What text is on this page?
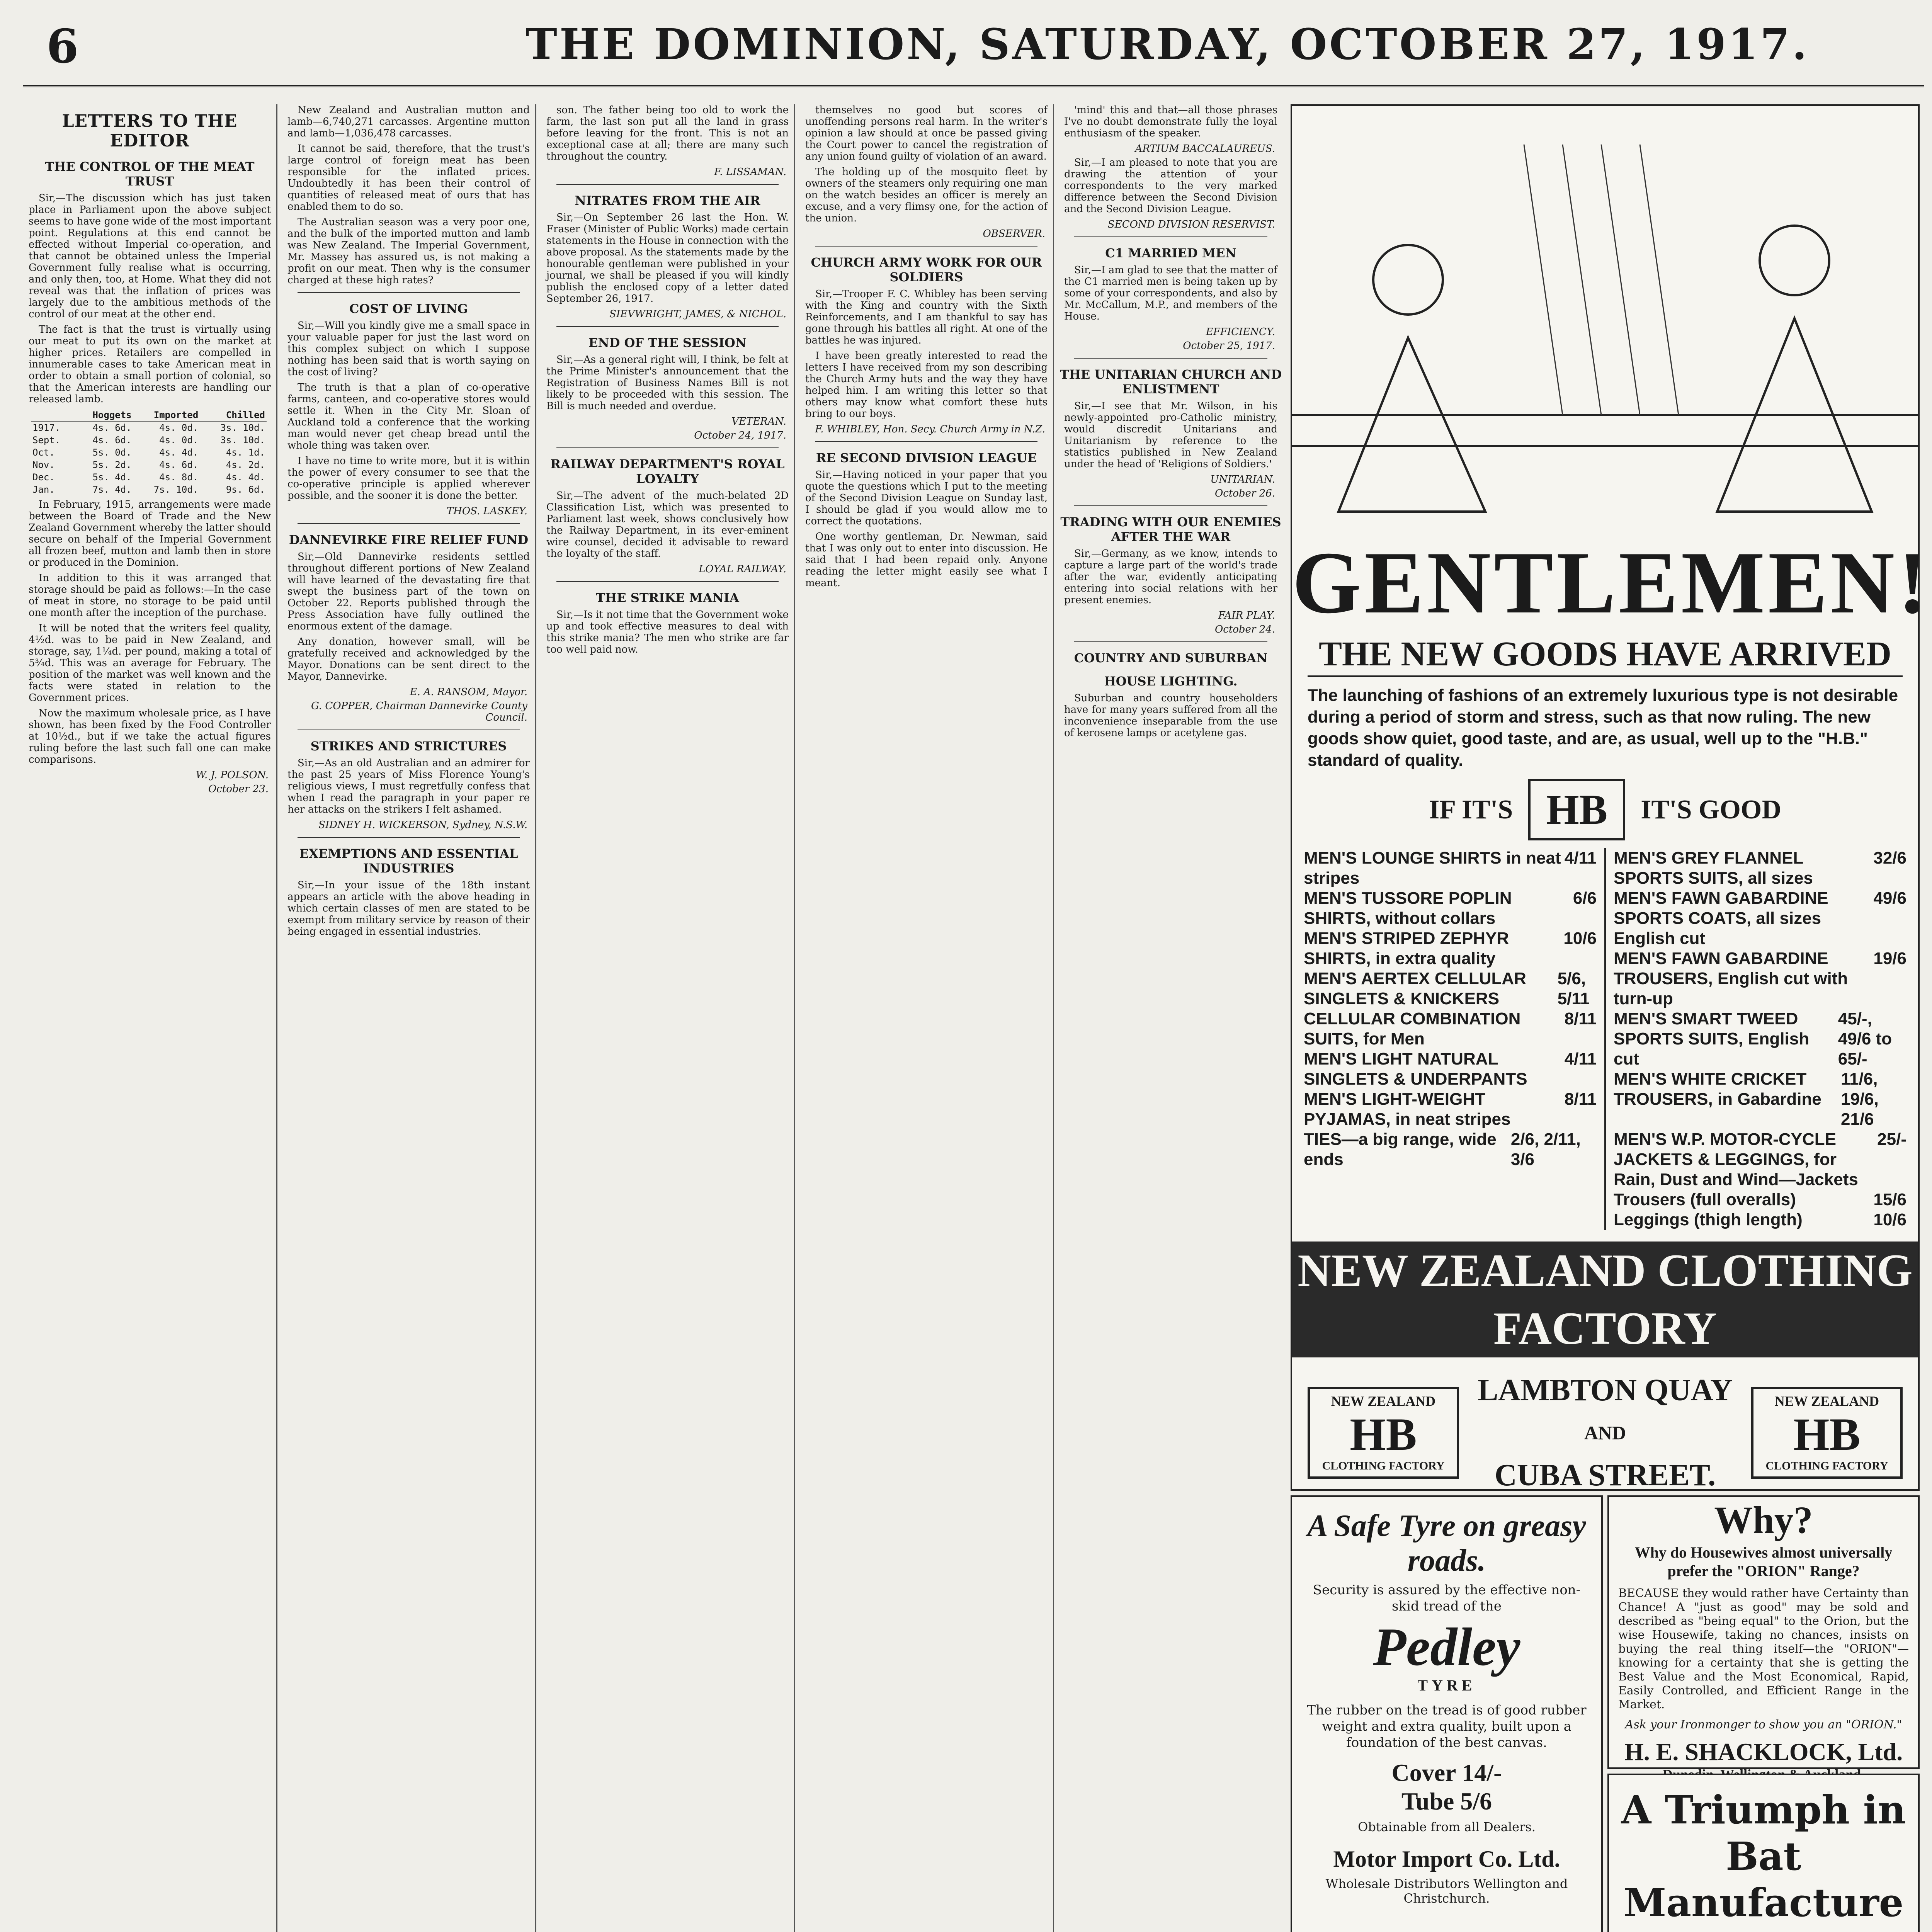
6	THE DOMINION, SATURDAY, OCTOBER 27, 1917.
LETTERS TO THE EDITOR
THE CONTROL OF THE MEAT TRUST

Sir,—The discussion which has just taken place in Parliament upon the above subject seems to have gone wide of the most important point. Regulations at this end cannot be effected without Imperial co-operation, and that cannot be obtained unless the Imperial Government fully realise what is occurring, and only then, too, at Home. What they did not reveal was that the inflation of prices was largely due to the ambitious methods of the control of our meat at the other end.

The fact is that the trust is virtually using our meat to put its own on the market at higher prices. Retailers are compelled in innumerable cases to take American meat in order to obtain a small portion of colonial, so that the American interests are handling our released lamb.

	Hoggets	Imported	Chilled
1917.	4s. 6d.	4s. 0d.	3s. 10d.
Sept.	4s. 6d.	4s. 0d.	3s. 10d.
Oct.	5s. 0d.	4s. 4d.	4s. 1d.
Nov.	5s. 2d.	4s. 6d.	4s. 2d.
Dec.	5s. 4d.	4s. 8d.	4s. 4d.
Jan.	7s. 4d.	7s. 10d.	9s. 6d.

In February, 1915, arrangements were made between the Board of Trade and the New Zealand Government whereby the latter should secure on behalf of the Imperial Government all frozen beef, mutton and lamb then in store or produced in the Dominion.

In addition to this it was arranged that storage should be paid as follows:—In the case of meat in store, no storage to be paid until one month after the inception of the purchase.

It will be noted that the writers feel quality, 4½d. was to be paid in New Zealand, and storage, say, 1¼d. per pound, making a total of 5¾d. This was an average for February. The position of the market was well known and the facts were stated in relation to the Government prices.

Now the maximum wholesale price, as I have shown, has been fixed by the Food Controller at 10½d., but if we take the actual figures ruling before the last such fall one can make comparisons.

W. J. POLSON.
October 23.

New Zealand and Australian mutton and lamb—6,740,271 carcasses. Argentine mutton and lamb—1,036,478 carcasses.

It cannot be said, therefore, that the trust's large control of foreign meat has been responsible for the inflated prices. Undoubtedly it has been their control of quantities of released meat of ours that has enabled them to do so.

The Australian season was a very poor one, and the bulk of the imported mutton and lamb was New Zealand. The Imperial Government, Mr. Massey has assured us, is not making a profit on our meat. Then why is the consumer charged at these high rates?

COST OF LIVING

Sir,—Will you kindly give me a small space in your valuable paper for just the last word on this complex subject on which I suppose nothing has been said that is worth saying on the cost of living?

The truth is that a plan of co-operative farms, canteen, and co-operative stores would settle it. When in the City Mr. Sloan of Auckland told a conference that the working man would never get cheap bread until the whole thing was taken over.

I have no time to write more, but it is within the power of every consumer to see that the co-operative principle is applied wherever possible, and the sooner it is done the better.

THOS. LASKEY.
DANNEVIRKE FIRE RELIEF FUND

Sir,—Old Dannevirke residents settled throughout different portions of New Zealand will have learned of the devastating fire that swept the business part of the town on October 22. Reports published through the Press Association have fully outlined the enormous extent of the damage.

Any donation, however small, will be gratefully received and acknowledged by the Mayor. Donations can be sent direct to the Mayor, Dannevirke.

E. A. RANSOM, Mayor.
G. COPPER, Chairman Dannevirke County Council.
STRIKES AND STRICTURES

Sir,—As an old Australian and an admirer for the past 25 years of Miss Florence Young's religious views, I must regretfully confess that when I read the paragraph in your paper re her attacks on the strikers I felt ashamed.

SIDNEY H. WICKERSON, Sydney, N.S.W.
EXEMPTIONS AND ESSENTIAL INDUSTRIES

Sir,—In your issue of the 18th instant appears an article with the above heading in which certain classes of men are stated to be exempt from military service by reason of their being engaged in essential industries.

son. The father being too old to work the farm, the last son put all the land in grass before leaving for the front. This is not an exceptional case at all; there are many such throughout the country.

F. LISSAMAN.
NITRATES FROM THE AIR

Sir,—On September 26 last the Hon. W. Fraser (Minister of Public Works) made certain statements in the House in connection with the above proposal. As the statements made by the honourable gentleman were published in your journal, we shall be pleased if you will kindly publish the enclosed copy of a letter dated September 26, 1917.

SIEVWRIGHT, JAMES, & NICHOL.
END OF THE SESSION

Sir,—As a general right will, I think, be felt at the Prime Minister's announcement that the Registration of Business Names Bill is not likely to be proceeded with this session. The Bill is much needed and overdue.

VETERAN.
October 24, 1917.
RAILWAY DEPARTMENT'S ROYAL LOYALTY

Sir,—The advent of the much-belated 2D Classification List, which was presented to Parliament last week, shows conclusively how the Railway Department, in its ever-eminent wire counsel, decided it advisable to reward the loyalty of the staff.

LOYAL RAILWAY.
THE STRIKE MANIA

Sir,—Is it not time that the Government woke up and took effective measures to deal with this strike mania? The men who strike are far too well paid now.

themselves no good but scores of unoffending persons real harm. In the writer's opinion a law should at once be passed giving the Court power to cancel the registration of any union found guilty of violation of an award.

The holding up of the mosquito fleet by owners of the steamers only requiring one man on the watch besides an officer is merely an excuse, and a very flimsy one, for the action of the union.

OBSERVER.
CHURCH ARMY WORK FOR OUR SOLDIERS

Sir,—Trooper F. C. Whibley has been serving with the King and country with the Sixth Reinforcements, and I am thankful to say has gone through his battles all right. At one of the battles he was injured.

I have been greatly interested to read the letters I have received from my son describing the Church Army huts and the way they have helped him. I am writing this letter so that others may know what comfort these huts bring to our boys.

F. WHIBLEY, Hon. Secy. Church Army in N.Z.
RE SECOND DIVISION LEAGUE

Sir,—Having noticed in your paper that you quote the questions which I put to the meeting of the Second Division League on Sunday last, I should be glad if you would allow me to correct the quotations.

One worthy gentleman, Dr. Newman, said that I was only out to enter into discussion. He said that I had been repaid only. Anyone reading the letter might easily see what I meant.

'mind' this and that—all those phrases I've no doubt demonstrate fully the loyal enthusiasm of the speaker.

ARTIUM BACCALAUREUS.

Sir,—I am pleased to note that you are drawing the attention of your correspondents to the very marked difference between the Second Division and the Second Division League.

SECOND DIVISION RESERVIST.
C1 MARRIED MEN

Sir,—I am glad to see that the matter of the C1 married men is being taken up by some of your correspondents, and also by Mr. McCallum, M.P., and members of the House.

EFFICIENCY.
October 25, 1917.
THE UNITARIAN CHURCH AND ENLISTMENT

Sir,—I see that Mr. Wilson, in his newly-appointed pro-Catholic ministry, would discredit Unitarians and Unitarianism by reference to the statistics published in New Zealand under the head of 'Religions of Soldiers.'

UNITARIAN.
October 26.
TRADING WITH OUR ENEMIES AFTER THE WAR

Sir,—Germany, as we know, intends to capture a large part of the world's trade after the war, evidently anticipating entering into social relations with her present enemies.

FAIR PLAY.
October 24.
COUNTRY AND SUBURBAN
HOUSE LIGHTING.

Suburban and country householders have for many years suffered from all the inconvenience inseparable from the use of kerosene lamps or acetylene gas.

GENTLEMEN!
THE NEW GOODS HAVE ARRIVED
The launching of fashions of an extremely luxurious type is not desirable during a period of storm and stress, such as that now ruling. The new goods show quiet, good taste, and are, as usual, well up to the "H.B." standard of quality.
IF IT'S HB	IT'S GOOD
MEN'S LOUNGE SHIRTS in neat stripes
4/11
MEN'S TUSSORE POPLIN SHIRTS, without collars
6/6
MEN'S STRIPED ZEPHYR SHIRTS, in extra quality
10/6
MEN'S AERTEX CELLULAR SINGLETS & KNICKERS
5/6, 5/11
CELLULAR COMBINATION SUITS, for Men
8/11
MEN'S LIGHT NATURAL SINGLETS & UNDERPANTS
4/11
MEN'S LIGHT-WEIGHT PYJAMAS, in neat stripes
8/11
TIES—a big range, wide ends
2/6, 2/11, 3/6
MEN'S GREY FLANNEL SPORTS SUITS, all sizes
32/6
MEN'S FAWN GABARDINE SPORTS COATS, all sizes English cut
49/6
MEN'S FAWN GABARDINE TROUSERS, English cut with turn-up
19/6
MEN'S SMART TWEED SPORTS SUITS, English cut
45/-, 49/6 to 65/-
MEN'S WHITE CRICKET TROUSERS, in Gabardine
11/6, 19/6, 21/6
MEN'S W.P. MOTOR-CYCLE JACKETS & LEGGINGS, for Rain, Dust and Wind—Jackets
25/-
Trousers (full overalls)	15/6
Leggings (thigh length)	10/6
NEW ZEALAND CLOTHING FACTORY
NEW ZEALAND
HB
CLOTHING FACTORY
LAMBTON QUAY
AND
CUBA STREET.
NEW ZEALAND
HB
CLOTHING FACTORY
A Safe Tyre on greasy roads.
Security is assured by the effective non-skid tread of the
Pedley
TYRE
The rubber on the tread is of good rubber weight and extra quality, built upon a foundation of the best canvas.
Cover 14/-
Tube 5/6
Obtainable from all Dealers.
Motor Import Co. Ltd.
Wholesale Distributors Wellington and Christchurch.
Why?
Why do Housewives almost universally prefer the "ORION" Range?
BECAUSE they would rather have Certainty than Chance! A "just as good" may be sold and described as "being equal" to the Orion, but the wise Housewife, taking no chances, insists on buying the real thing itself—the "ORION"—knowing for a certainty that she is getting the Best Value and the Most Economical, Rapid, Easily Controlled, and Efficient Range in the Market.
Ask your Ironmonger to show you an "ORION."
H. E. SHACKLOCK, Ltd.
A Triumph in Bat Manufacture
